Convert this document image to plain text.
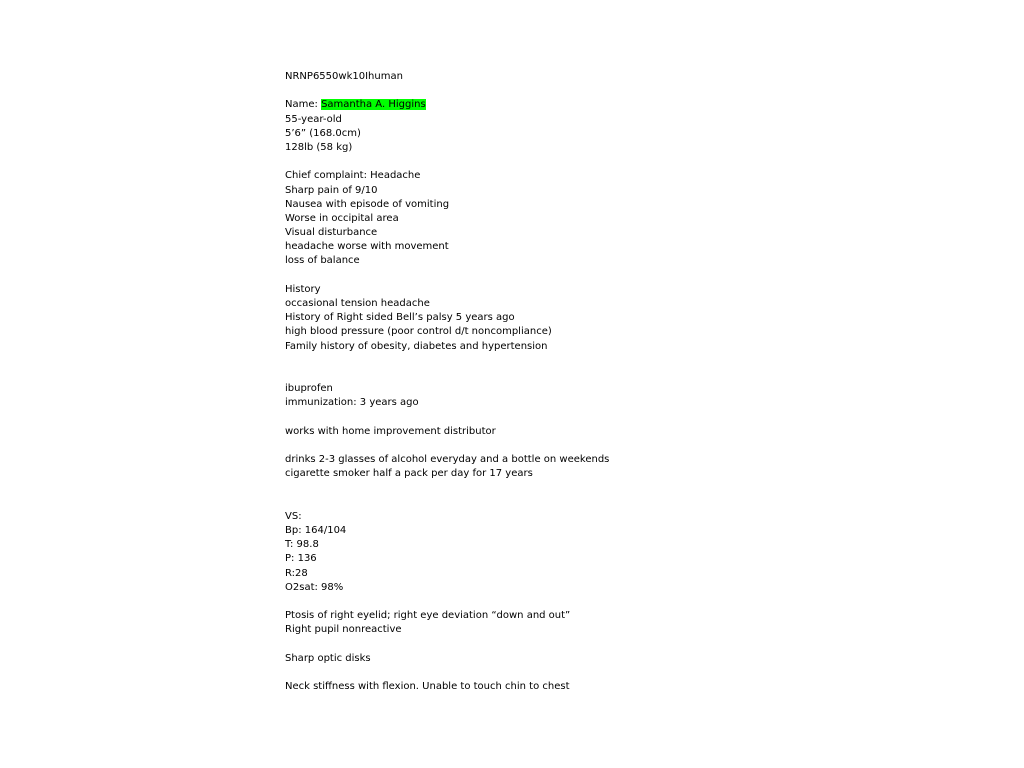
NRNP6550wk10Ihuman
Name: Samantha A. Higgins
55-year-old
5’6” (168.0cm)
128lb (58 kg)
Chief complaint: Headache
Sharp pain of 9/10
Nausea with episode of vomiting
Worse in occipital area
Visual disturbance
headache worse with movement
loss of balance
History
occasional tension headache
History of Right sided Bell’s palsy 5 years ago
high blood pressure (poor control d/t noncompliance)
Family history of obesity, diabetes and hypertension
ibuprofen
immunization: 3 years ago
works with home improvement distributor
drinks 2-3 glasses of alcohol everyday and a bottle on weekends
cigarette smoker half a pack per day for 17 years
VS:
Bp: 164/104
T: 98.8
P: 136
R:28
O2sat: 98%
Ptosis of right eyelid; right eye deviation “down and out”
Right pupil nonreactive
Sharp optic disks
Neck stiffness with flexion. Unable to touch chin to chest
